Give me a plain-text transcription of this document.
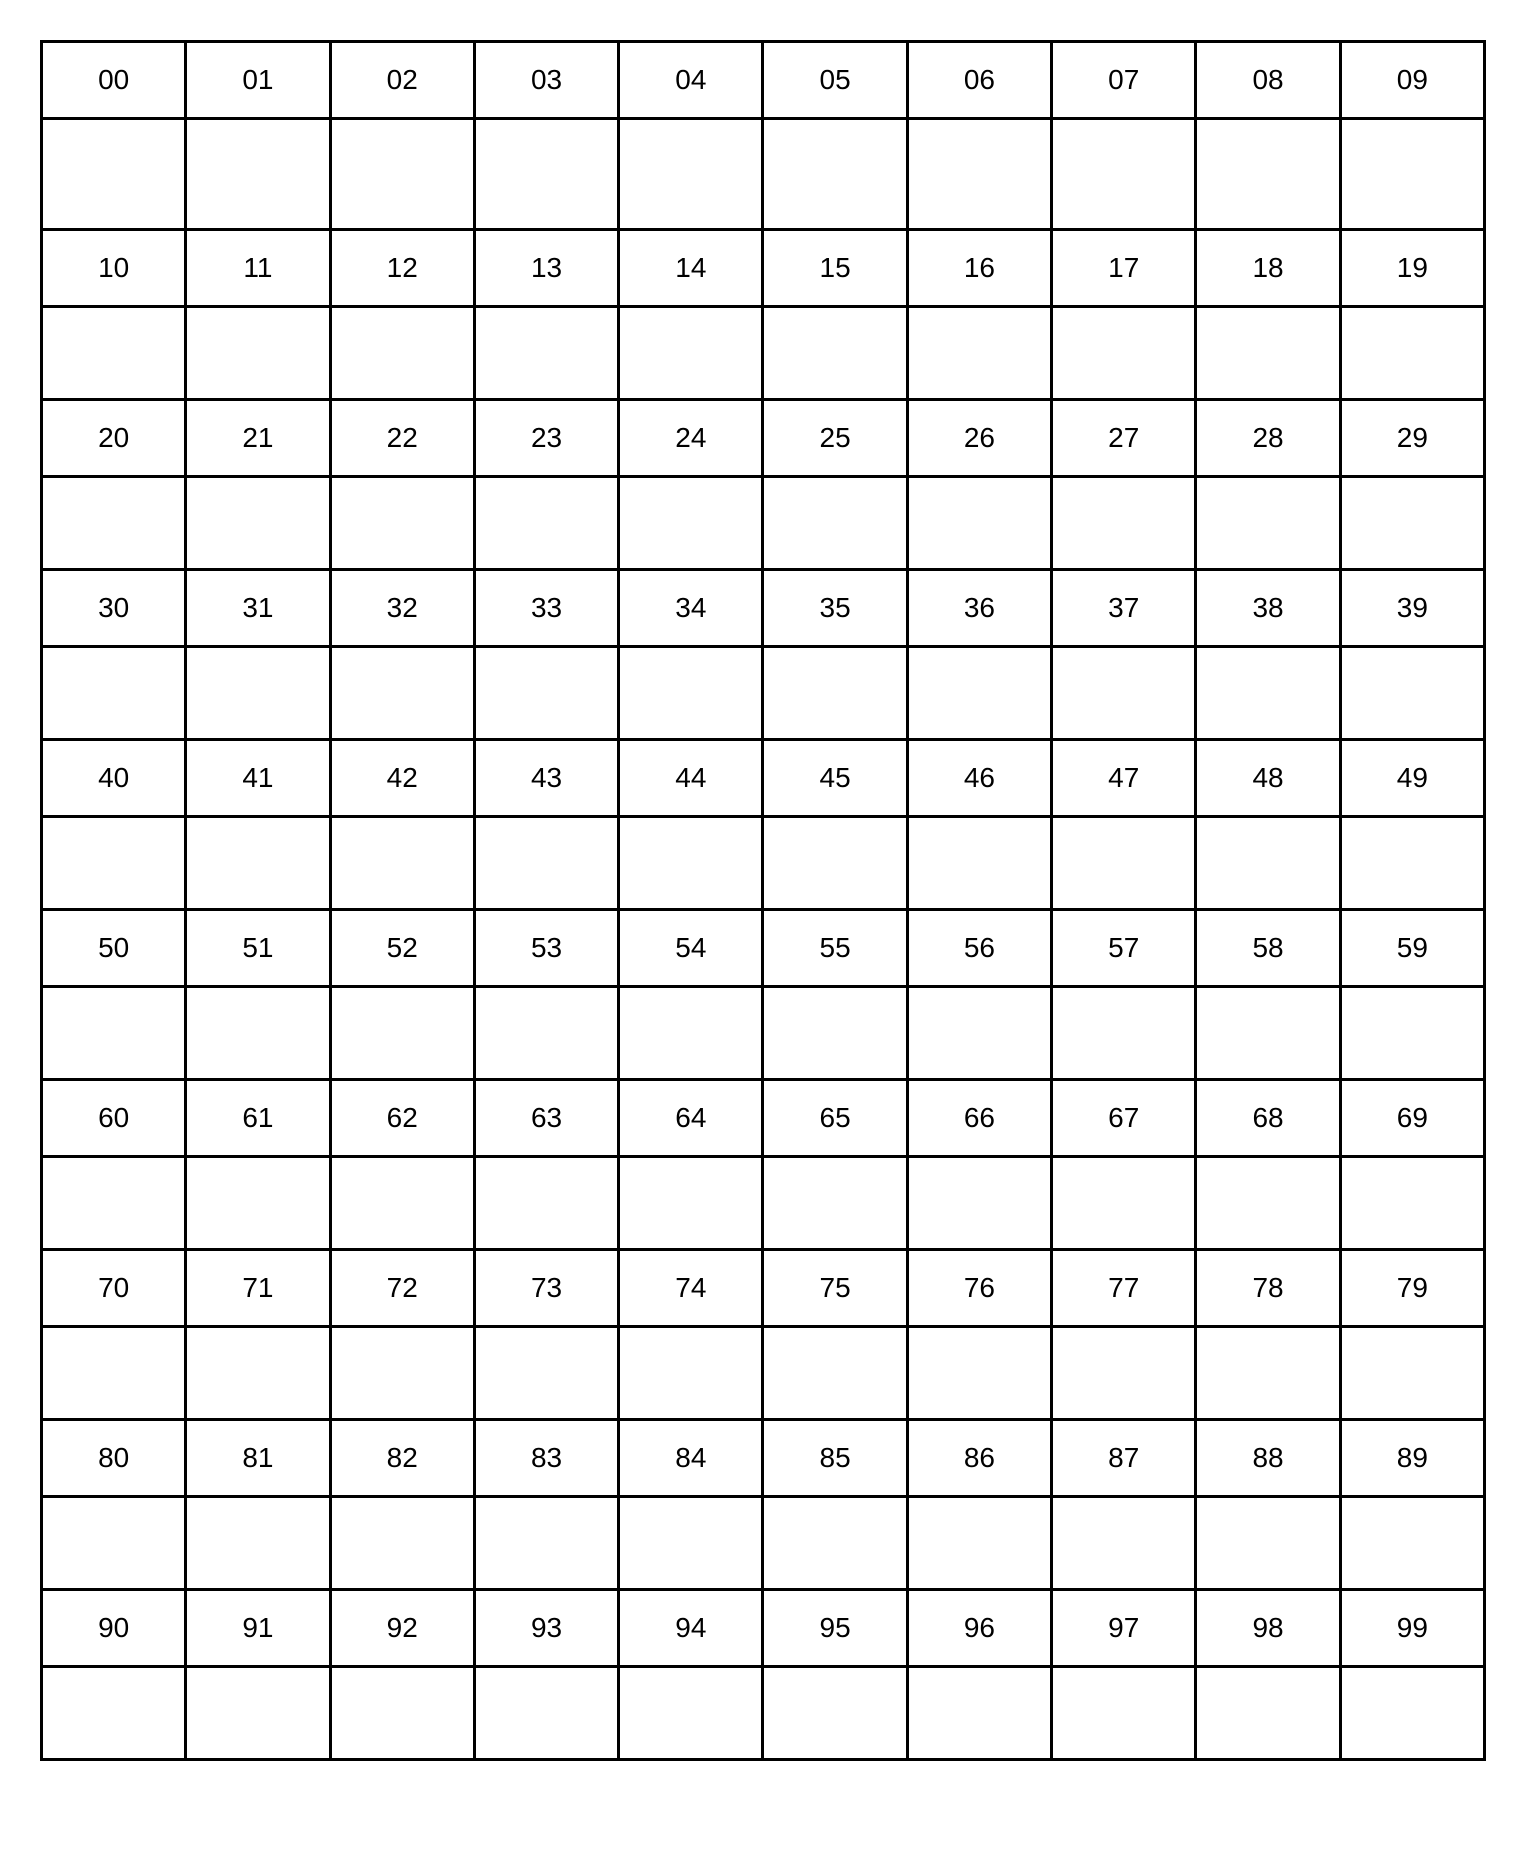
00	01	02	03	04	05	06	07	08	09

10	11	12	13	14	15	16	17	18	19

20	21	22	23	24	25	26	27	28	29

30	31	32	33	34	35	36	37	38	39

40	41	42	43	44	45	46	47	48	49

50	51	52	53	54	55	56	57	58	59

60	61	62	63	64	65	66	67	68	69

70	71	72	73	74	75	76	77	78	79

80	81	82	83	84	85	86	87	88	89

90	91	92	93	94	95	96	97	98	99
